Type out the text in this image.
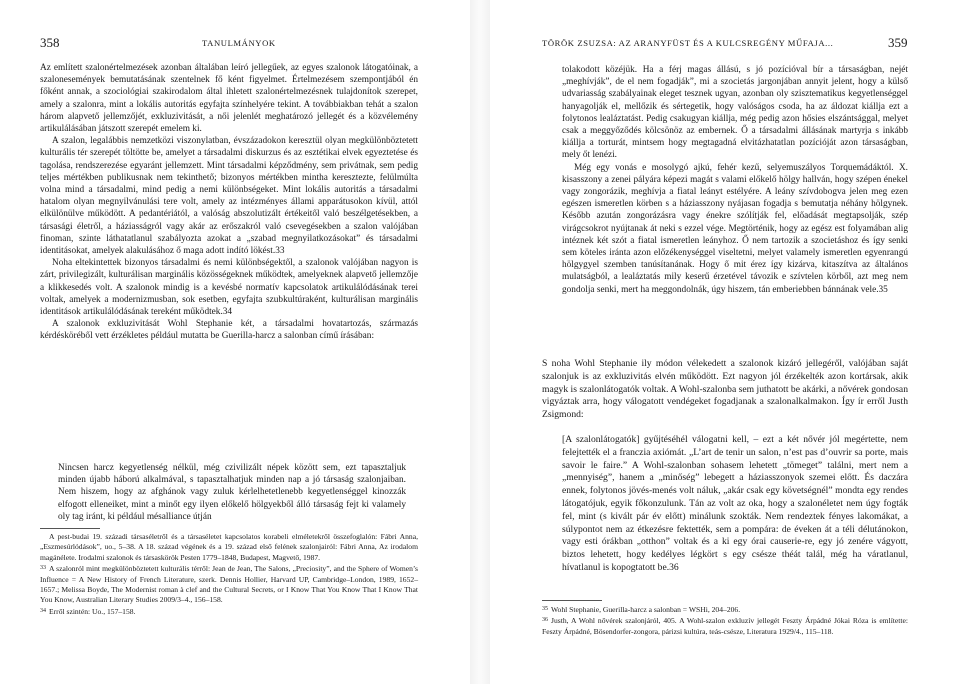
358	TANULMÁNYOK

Az említett szalonértelmezések azonban általában leíró jellegűek, az egyes szalonok látogatóinak, a szalonesemények bemutatásának szentelnek fő ként figyelmet. Értelmezésem szempontjából én főként annak, a szociológiai szakirodalom által ihletett szalonértelmezésnek tulajdonítok szerepet, amely a szalonra, mint a lokális autoritás egyfajta színhelyére tekint. A továbbiakban tehát a szalon három alapvető jellemzőjét, exkluzivitását, a női jelenlét meghatározó jellegét és a közvélemény artikulálásában játszott szerepét emelem ki.

A szalon, legalábbis nemzetközi viszonylatban, évszázadokon keresztül olyan megkülönböztetett kulturális tér szerepét töltötte be, amelyet a társadalmi diskurzus és az esztétikai elvek egyeztetése és tagolása, rendszerezése egyaránt jellemzett. Mint társadalmi képződmény, sem privátnak, sem pedig teljes mértékben publikusnak nem tekinthető; bizonyos mértékben mintha kereszteztе, felülmúlta volna mind a társadalmi, mind pedig a nemi különbségeket. Mint lokális autoritás a társadalmi hatalom olyan megnyilvánulási tere volt, amely az intézményes állami apparátusokon kívül, attól elkülönülve működött. A pedantériától, a valóság abszolutizált értékeitől való beszélgetésekben, a társasági életről, a háziasságról vagy akár az erőszakról való csevegésekben a szalon valójában finoman, szinte láthatatlanul szabályozta azokat a „szabad megnyilatkozásokat” és társadalmi identitásokat, amelyek alakulásához ő maga adott indító lökést.33

Noha eltekintettek bizonyos társadalmi és nemi különbségektől, a szalonok valójában nagyon is zárt, privilegizált, kulturálisan marginális közösségeknek működtek, amelyeknek alapvető jellemzője a klikkesedés volt. A szalonok mindig is a kevésbé normatív kapcsolatok artikulálódásának terei voltak, amelyek a modernizmusban, sok esetben, egyfajta szubkultúraként, kulturálisan marginális identitások artikulálódásának tereként működtek.34

A szalonok exkluzivitását Wohl Stephanie két, a társadalmi hovatartozás, származás kérdésköréből vett érzékletes például mutatta be Guerilla-harcz a salonban című írásában:

Nincsen harcz kegyetlenség nélkül, még czivilizált népek között sem, ezt tapasztaljuk minden újabb háború alkalmával, s tapasztalhatjuk minden nap a jó társaság szalonjaiban. Nem hiszem, hogy az afghánok vagy zuluk kérlelhetetlenebb kegyetlenséggel kinozzák elfogott elleneiket, mint a minőt egy ilyen előkelő hölgyekből álló társaság fejt ki valamely oly tag iránt, ki például mésalliance útján

A pest-budai 19. századi társaséletről és a társaséletet kapcsolatos korabeli elméletekről összefoglalón: Fábri Anna, „Eszmesúrlódások”, uo., 5–38. A 18. század végének és a 19. század első felének szalonjairól: Fábri Anna, Az irodalom magánélete. Irodalmi szalonok és társaskörök Pesten 1779–1848, Budapest, Magvető, 1987.

33 A szalonról mint megkülönböztetett kulturális térről: Jean de Jean, The Salons, „Preciosity”, and the Sphere of Women’s Influence = A New History of French Literature, szerk. Dennis Hollier, Harvard UP, Cambridge–London, 1989, 1652–1657.; Melissa Boyde, The Modernist roman à clef and the Cultural Secrets, or I Know That You Know That I Know That You Know, Australian Literary Studies 2009/3–4., 156–158.

34 Erről szintén: Uo., 157–158.

TÖRÖK ZSUZSA: AZ ARANYFÜST ÉS A KULCSREGÉNY MŰFAJA...	359

tolakodott közéjük. Ha a férj magas állású, s jó pozícióval bír a társaságban, nejét „meghívják”, de el nem fogadják”, mi a szocietás jargonjában annyit jelent, hogy a külső udvariasság szabályainak eleget tesznek ugyan, azonban oly szisztematikus kegyetlenséggel hanyagolják el, mellőzik és sértegetik, hogy valóságos csoda, ha az áldozat kiállja ezt a folytonos lealáztatást. Pedig csakugyan kiállja, még pedig azon hősies elszántsággal, melyet csak a meggyőződés kölcsönöz az embernek. Ő a társadalmi állásának martyrja s inkább kiállja a torturát, mintsem hogy megtagadná elvitázhatatlan pozícióját azon társaságban, mely őt lenézi.

Még egy vonás e mosolygó ajkú, fehér kezű, selyemuszályos Torquemádáktól. X. kisasszony a zenei pályára képezi magát s valami előkelő hölgy hallván, hogy szépen énekel vagy zongorázik, meghívja a fiatal leányt estélyére. A leány szívdobogva jelen meg ezen egészen ismeretlen körben s a háziasszony nyájasan fogadja s bemutatja néhány hölgynek. Később azután zongorázásra vagy énekre szólítják fel, előadását megtapsolják, szép virágcsokrot nyújtanak át neki s ezzel vége. Megtörténik, hogy az egész est folyamában alig intéznek két szót a fiatal ismeretlen leányhoz. Ő nem tartozik a szocietáshoz és így senki sem köteles iránta azon előzékenységgel viseltetni, melyet valamely ismeretlen egyenrangú hölgygyel szemben tanúsítanának. Hogy ő mit érez így kizárva, kitaszítva az általános mulatságból, a lealáztatás mily keserű érzetével távozik e szívtelen körből, azt meg nem gondolja senki, mert ha meggondolnák, úgy hiszem, tán emberiebben bánnának vele.35

S noha Wohl Stephanie ily módon vélekedett a szalonok kizáró jellegéről, valójában saját szalonjuk is az exkluzivitás elvén működött. Ezt nagyon jól érzékelték azon kortársak, akik magyk is szalonlátogatók voltak. A Wohl-szalonba sem juthatott be akárki, a nővérek gondosan vigyáztak arra, hogy válogatott vendégeket fogadjanak a szalonalkalmakon. Így ír erről Justh Zsigmond:

[A szalonlátogatók] gyűjtéséhél válogatni kell, – ezt a két nővér jól megértette, nem felejtették el a franczia axiómát. „L’art de tenir un salon, n’est pas d’ouvrir sa porte, mais savoir le faire.” A Wohl-szalonban sohasem lehetett „tömeget” találni, mert nem a „mennyiség”, hanem a „minőség” lebegett a háziasszonyok szemei előtt. És daczára ennek, folytonos jövés-menés volt náluk, „akár csak egy követségnél” mondta egy rendes látogatójuk, egyik főkonzulunk. Tán az volt az oka, hogy a szalonéletet nem úgy fogták fel, mint (s kivált pár év előtt) minálunk szokták. Nem rendeztek fényes lakomákat, a súlypontot nem az étkezésre fektették, sem a pompára: de éveken át a téli délutánokon, vagy esti órákban „otthon” voltak és a ki egy órai causerie-re, egy jó zenére vágyott, biztos lehetett, hogy kedélyes légkört s egy csésze théát talál, még ha váratlanul, hívatlanul is kopogtatott be.36

35 Wohl Stephanie, Guerilla-harcz a salonban = WSHi, 204–206.

36 Justh, A Wohl nővérek szalonjáról, 405. A Wohl-szalon exkluzív jellegét Feszty Árpádné Jókai Róza is említette: Feszty Árpádné, Bösendorfer-zongora, párizsi kultúra, teás-csésze, Literatura 1929/4., 115–118.
